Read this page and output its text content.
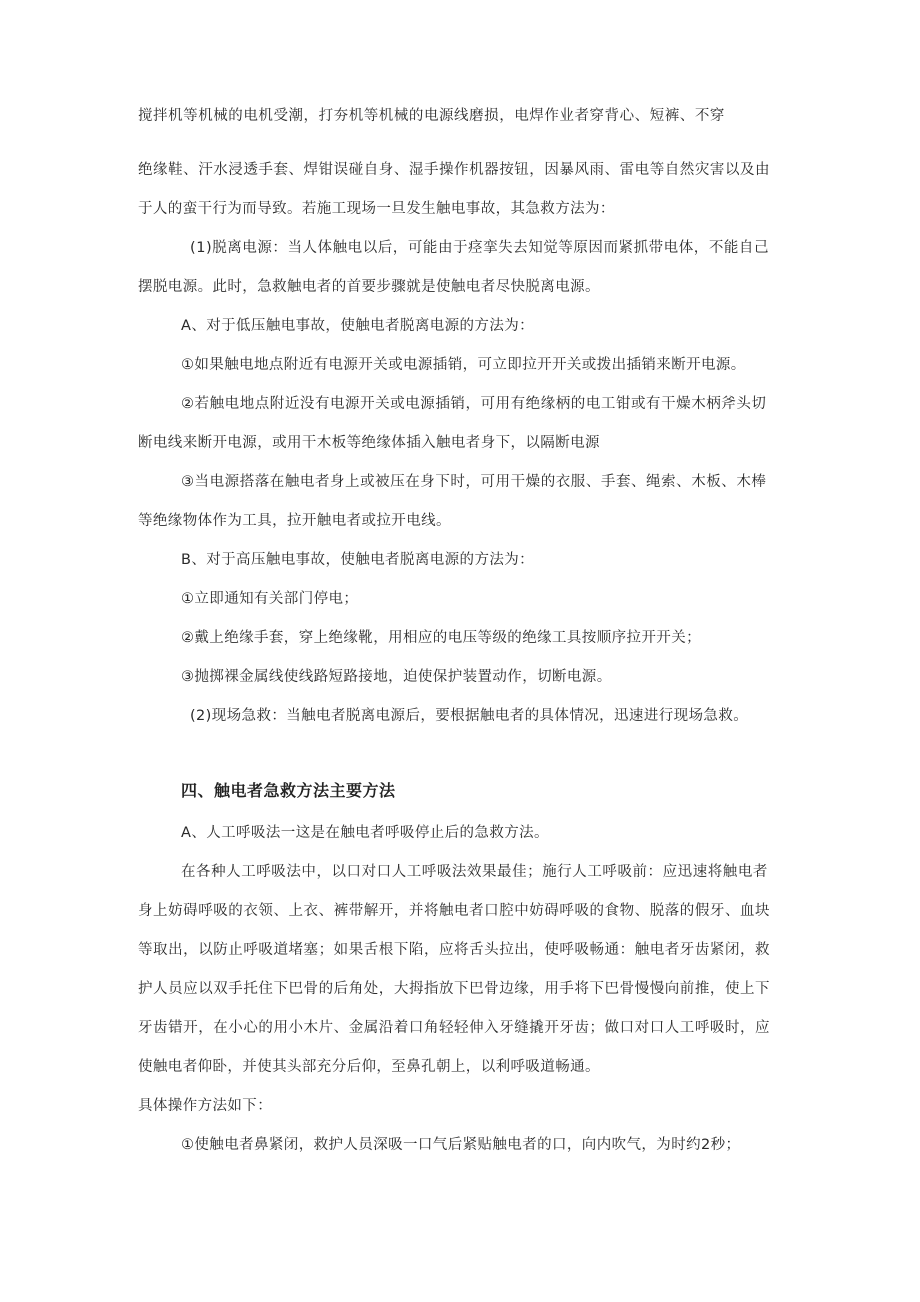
搅拌机等机械的电机受潮，打夯机等机械的电源线磨损，电焊作业者穿背心、短裤、不穿
绝缘鞋、汗水浸透手套、焊钳误碰自身、湿手操作机器按钮，因暴风雨、雷电等自然灾害以及由
于人的蛮干行为而导致。若施工现场一旦发生触电事故，其急救方法为：
(1)脱离电源：当人体触电以后，可能由于痉挛失去知觉等原因而紧抓带电体，不能自己
摆脱电源。此时，急救触电者的首要步骤就是使触电者尽快脱离电源。
A、对于低压触电事故，使触电者脱离电源的方法为：
①如果触电地点附近有电源开关或电源插销，可立即拉开开关或拨出插销来断开电源。
②若触电地点附近没有电源开关或电源插销，可用有绝缘柄的电工钳或有干燥木柄斧头切
断电线来断开电源，或用干木板等绝缘体插入触电者身下，以隔断电源
③当电源搭落在触电者身上或被压在身下时，可用干燥的衣服、手套、绳索、木板、木棒
等绝缘物体作为工具，拉开触电者或拉开电线。
B、对于高压触电事故，使触电者脱离电源的方法为：
①立即通知有关部门停电；
②戴上绝缘手套，穿上绝缘靴，用相应的电压等级的绝缘工具按顺序拉开开关；
③抛掷裸金属线使线路短路接地，迫使保护装置动作，切断电源。
(2)现场急救：当触电者脱离电源后，要根据触电者的具体情况，迅速进行现场急救。
四、触电者急救方法主要方法
A、人工呼吸法一这是在触电者呼吸停止后的急救方法。
在各种人工呼吸法中，以口对口人工呼吸法效果最佳；施行人工呼吸前：应迅速将触电者
身上妨碍呼吸的衣领、上衣、裤带解开，并将触电者口腔中妨碍呼吸的食物、脱落的假牙、血块
等取出，以防止呼吸道堵塞；如果舌根下陷，应将舌头拉出，使呼吸畅通：触电者牙齿紧闭，救
护人员应以双手托住下巴骨的后角处，大拇指放下巴骨边缘，用手将下巴骨慢慢向前推，使上下
牙齿错开，在小心的用小木片、金属沿着口角轻轻伸入牙缝撬开牙齿；做口对口人工呼吸时，应
使触电者仰卧，并使其头部充分后仰，至鼻孔朝上，以利呼吸道畅通。
具体操作方法如下：
①使触电者鼻紧闭，救护人员深吸一口气后紧贴触电者的口，向内吹气，为时约2秒；
